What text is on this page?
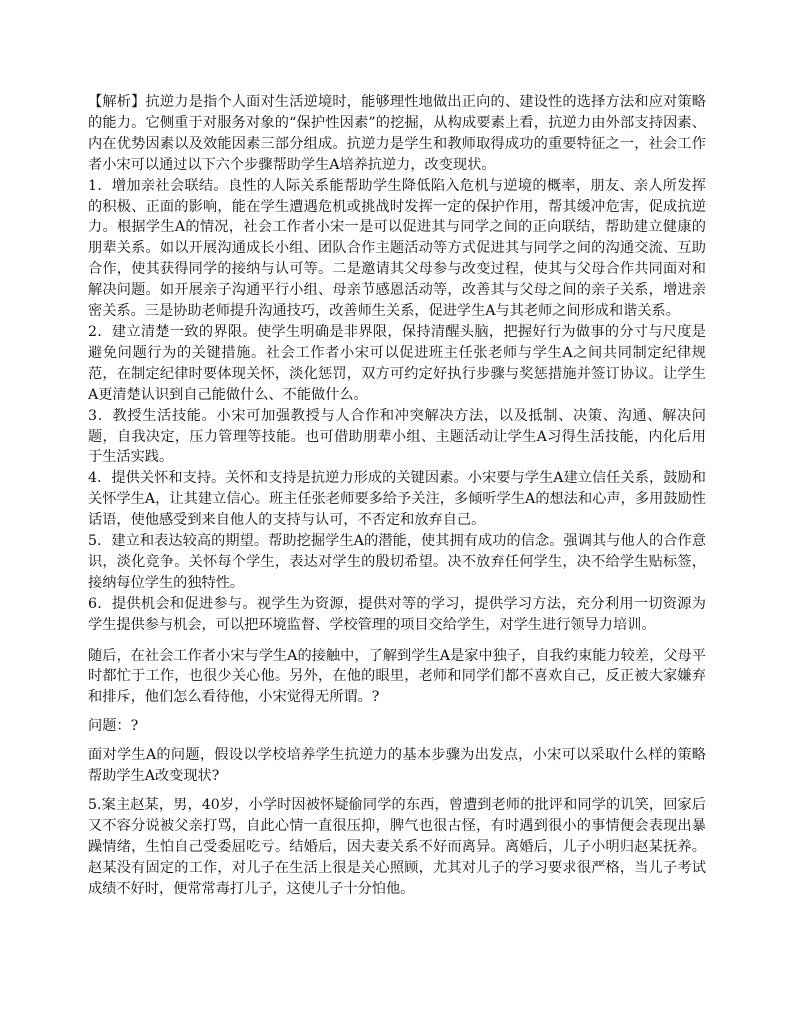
【解析】抗逆力是指个人面对生活逆境时，能够理性地做出正向的、建设性的选择方法和应对策略的能力。它侧重于对服务对象的“保护性因素”的挖掘，从构成要素上看，抗逆力由外部支持因素、内在优势因素以及效能因素三部分组成。抗逆力是学生和教师取得成功的重要特征之一，社会工作者小宋可以通过以下六个步骤帮助学生A培养抗逆力，改变现状。

1．增加亲社会联结。良性的人际关系能帮助学生降低陷入危机与逆境的概率，朋友、亲人所发挥的积极、正面的影响，能在学生遭遇危机或挑战时发挥一定的保护作用，帮其缓冲危害，促成抗逆力。根据学生A的情况，社会工作者小宋一是可以促进其与同学之间的正向联结，帮助建立健康的朋辈关系。如以开展沟通成长小组、团队合作主题活动等方式促进其与同学之间的沟通交流、互助合作，使其获得同学的接纳与认可等。二是邀请其父母参与改变过程，使其与父母合作共同面对和解决问题。如开展亲子沟通平行小组、母亲节感恩活动等，改善其与父母之间的亲子关系，增进亲密关系。三是协助老师提升沟通技巧，改善师生关系，促进学生A与其老师之间形成和谐关系。

2．建立清楚一致的界限。使学生明确是非界限，保持清醒头脑，把握好行为做事的分寸与尺度是避免问题行为的关键措施。社会工作者小宋可以促进班主任张老师与学生A之间共同制定纪律规范，在制定纪律时要体现关怀，淡化惩罚，双方可约定好执行步骤与奖惩措施并签订协议。让学生A更清楚认识到自己能做什么、不能做什么。

3．教授生活技能。小宋可加强教授与人合作和冲突解决方法，以及抵制、决策、沟通、解决问题，自我决定，压力管理等技能。也可借助朋辈小组、主题活动让学生A习得生活技能，内化后用于生活实践。

4．提供关怀和支持。关怀和支持是抗逆力形成的关键因素。小宋要与学生A建立信任关系，鼓励和关怀学生A，让其建立信心。班主任张老师要多给予关注，多倾听学生A的想法和心声，多用鼓励性话语，使他感受到来自他人的支持与认可，不否定和放弃自己。

5．建立和表达较高的期望。帮助挖掘学生A的潜能，使其拥有成功的信念。强调其与他人的合作意识，淡化竞争。关怀每个学生，表达对学生的殷切希望。决不放弃任何学生，决不给学生贴标签，接纳每位学生的独特性。

6．提供机会和促进参与。视学生为资源，提供对等的学习，提供学习方法，充分利用一切资源为学生提供参与机会，可以把环境监督、学校管理的项目交给学生，对学生进行领导力培训。

随后，在社会工作者小宋与学生A的接触中，了解到学生A是家中独子，自我约束能力较差，父母平时都忙于工作，也很少关心他。另外，在他的眼里，老师和同学们都不喜欢自己，反正被大家嫌弃和排斥，他们怎么看待他，小宋觉得无所谓。?

问题：?

面对学生A的问题，假设以学校培养学生抗逆力的基本步骤为出发点，小宋可以采取什么样的策略帮助学生A改变现状?

5.案主赵某，男，40岁，小学时因被怀疑偷同学的东西，曾遭到老师的批评和同学的讥笑，回家后又不容分说被父亲打骂，自此心情一直很压抑，脾气也很古怪，有时遇到很小的事情便会表现出暴躁情绪，生怕自己受委屈吃亏。结婚后，因夫妻关系不好而离异。离婚后，儿子小明归赵某抚养。赵某没有固定的工作，对儿子在生活上很是关心照顾，尤其对儿子的学习要求很严格，当儿子考试成绩不好时，便常常毒打儿子，这使儿子十分怕他。
